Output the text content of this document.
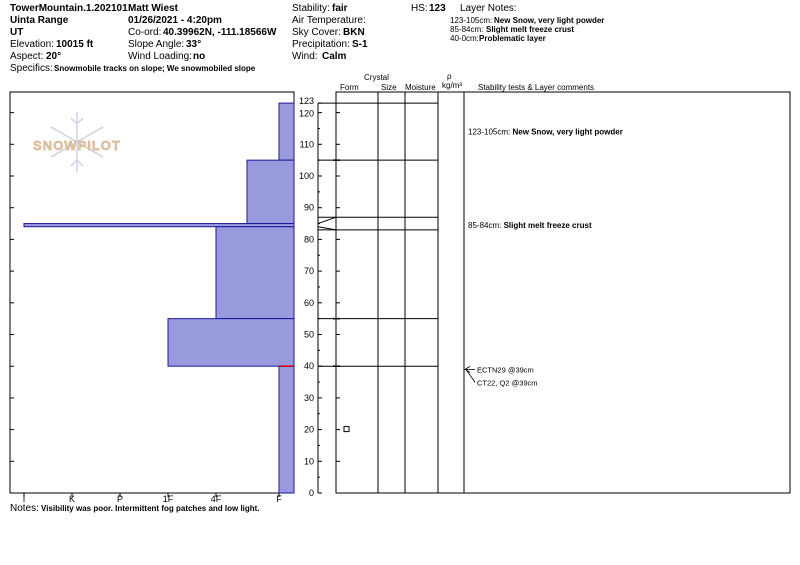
TowerMountain.1.202101 Matt Wiest
Uinta Range
UT
Elevation: 10015 ft
Aspect: 20°
Specifics: Snowmobile tracks on slope; We snowmobiled slope
01/26/2021 - 4:20pm
Co-ord: 40.39962N, -111.18566W
Slope Angle: 33°
Wind Loading: no
Stability: fair
Air Temperature:
Sky Cover: BKN
Precipitation: S-1
Wind: Calm
HS: 123 Layer Notes:
123-105cm: New Snow, very light powder
85-84cm: Slight melt freeze crust
40-0cm: Problematic layer
Crystal
Form	Size Moisture
ρ
kg/m³ Stability tests & Layer comments
SNOWPILOT
I	K	P	1F	4F	F
0
10
20
30
40
50
60
70
80
90
100
110
120
123
123-105cm: New Snow, very light powder
85-84cm: Slight melt freeze crust
ECTN29 @39cm
CT22, Q2 @39cm
Notes: Visibility was poor. Intermittent fog patches and low light.
